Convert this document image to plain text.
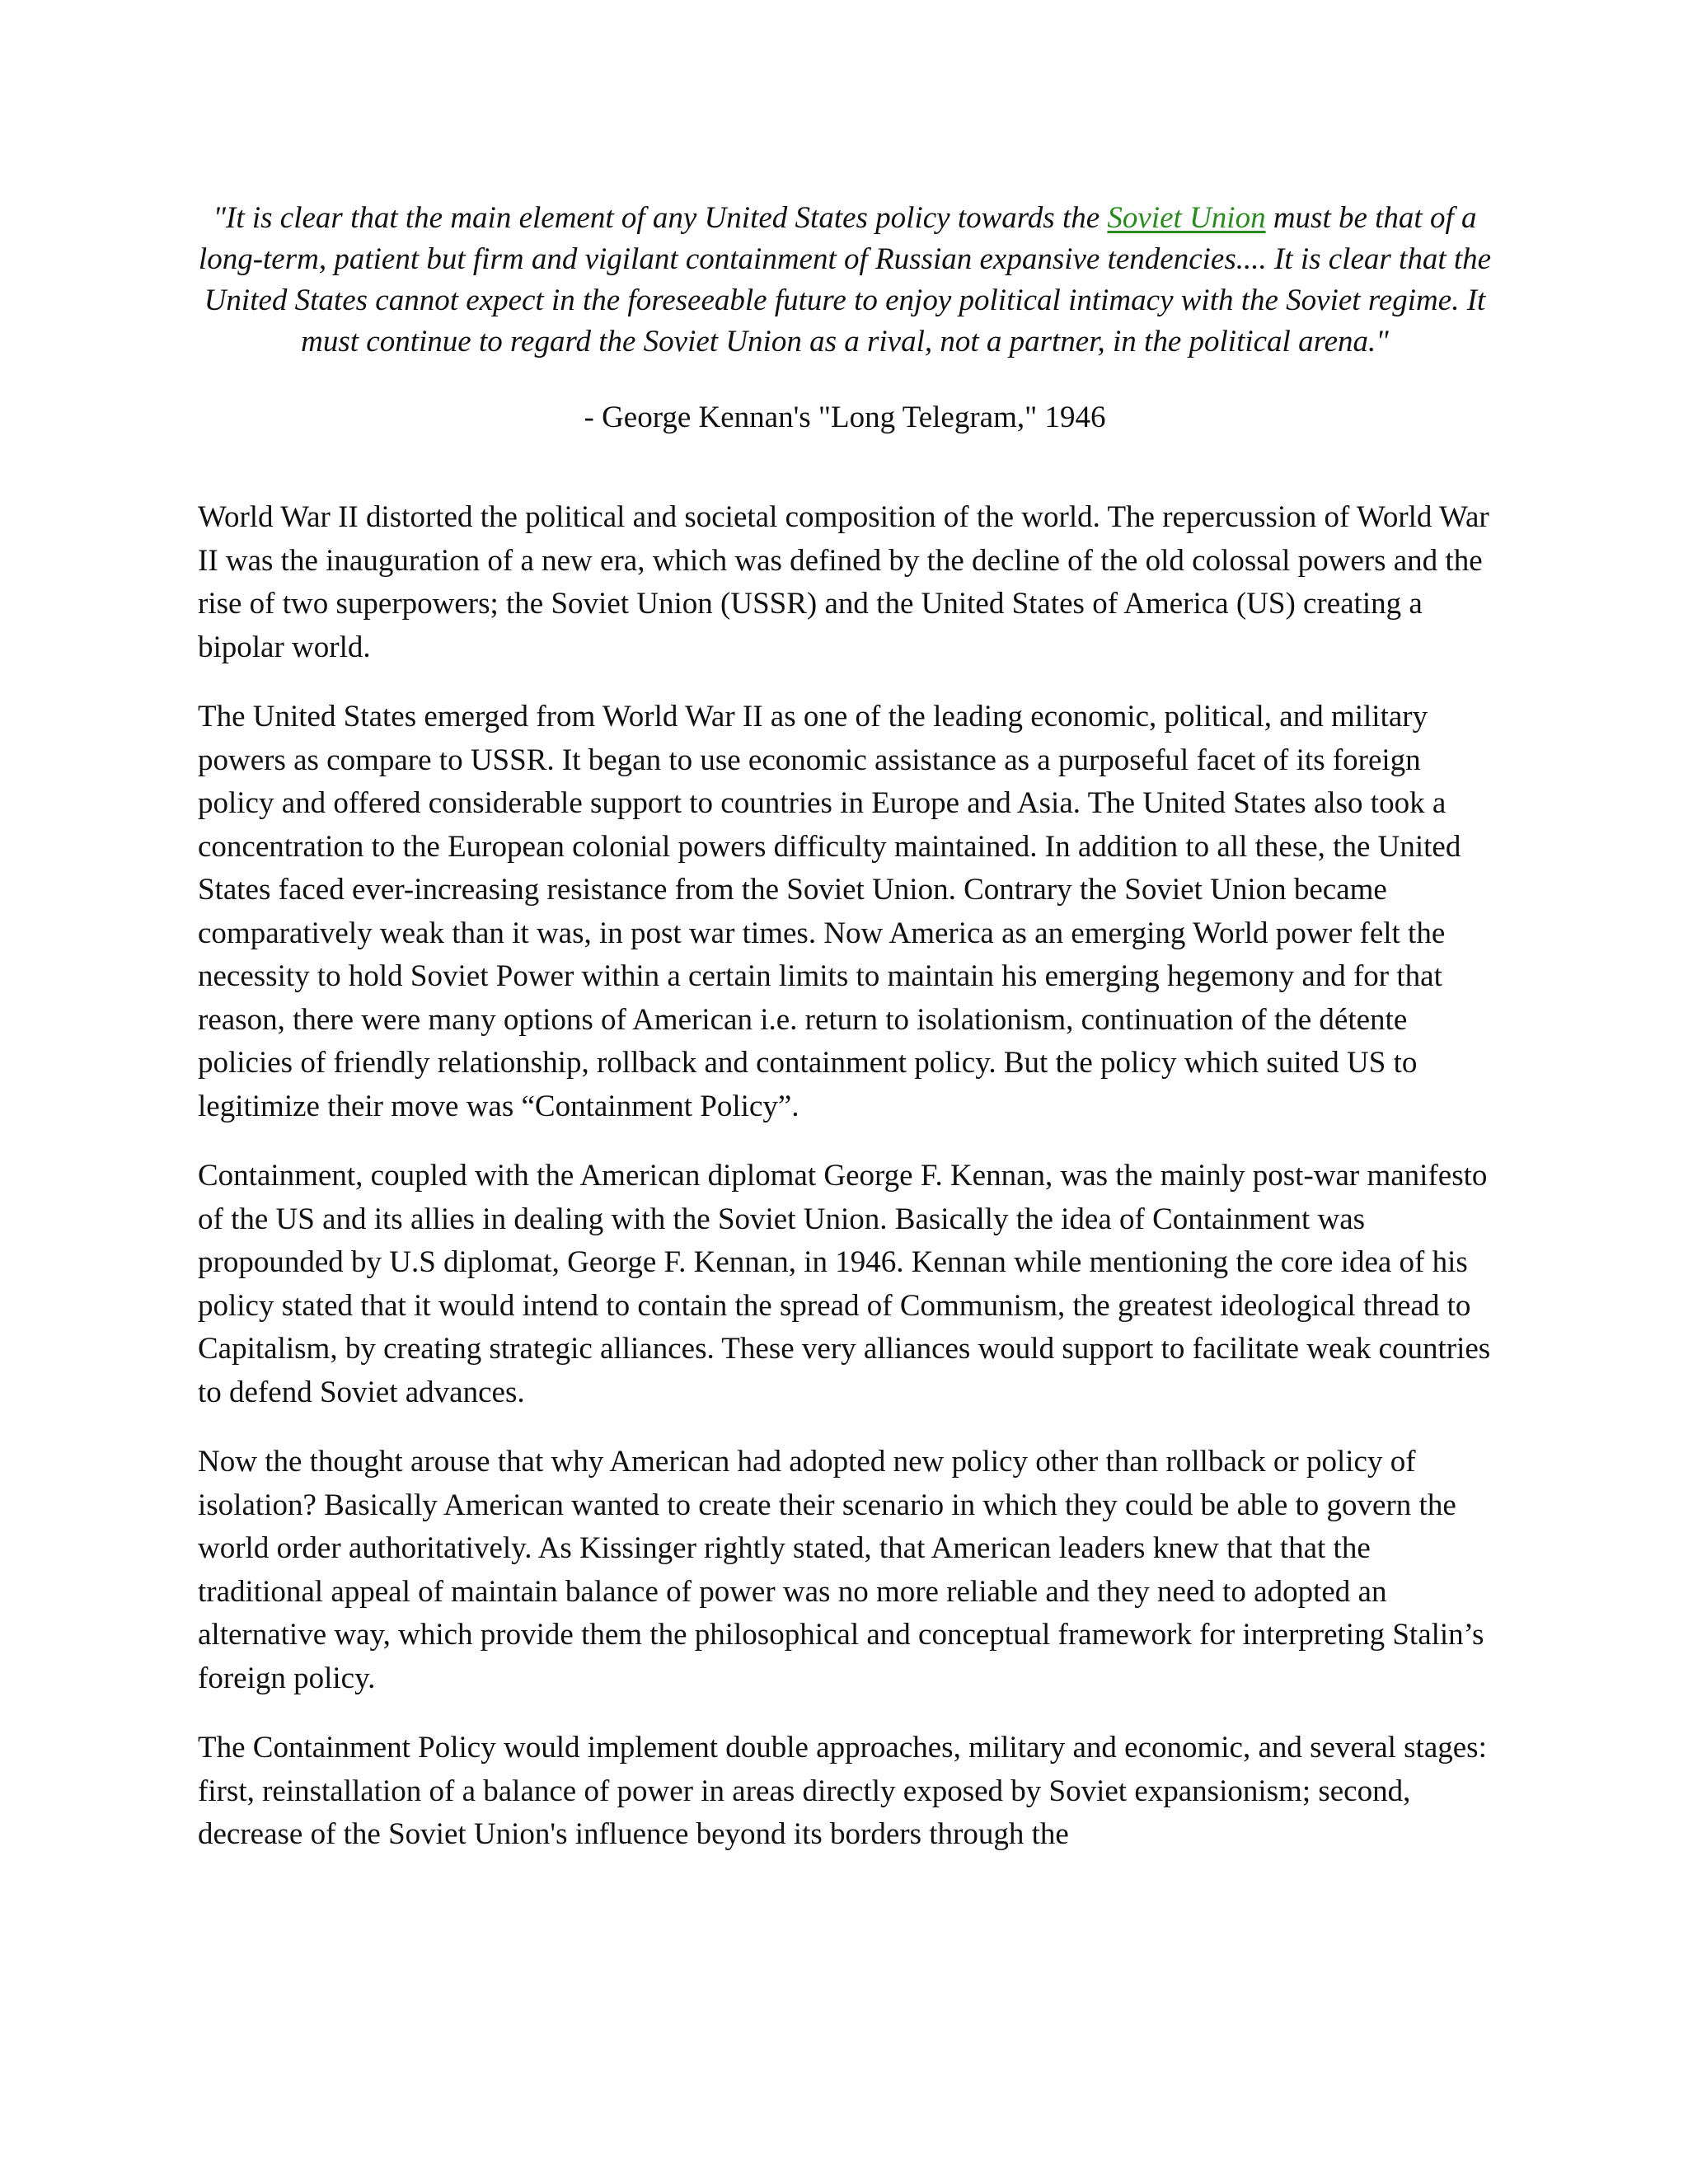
"It is clear that the main element of any United States policy towards the Soviet Union must be that of a long-term, patient but firm and vigilant containment of Russian expansive tendencies.... It is clear that the United States cannot expect in the foreseeable future to enjoy political intimacy with the Soviet regime. It must continue to regard the Soviet Union as a rival, not a partner, in the political arena."
- George Kennan's "Long Telegram," 1946

World War II distorted the political and societal composition of the world. The repercussion of World War II was the inauguration of a new era, which was defined by the decline of the old colossal powers and the rise of two superpowers; the Soviet Union (USSR) and the United States of America (US) creating a bipolar world.

The United States emerged from World War II as one of the leading economic, political, and military powers as compare to USSR. It began to use economic assistance as a purposeful facet of its foreign policy and offered considerable support to countries in Europe and Asia. The United States also took a concentration to the European colonial powers difficulty maintained. In addition to all these, the United States faced ever-increasing resistance from the Soviet Union. Contrary the Soviet Union became comparatively weak than it was, in post war times. Now America as an emerging World power felt the necessity to hold Soviet Power within a certain limits to maintain his emerging hegemony and for that reason, there were many options of American i.e. return to isolationism, continuation of the détente policies of friendly relationship, rollback and containment policy. But the policy which suited US to legitimize their move was “Containment Policy”.

Containment, coupled with the American diplomat George F. Kennan, was the mainly post-war manifesto of the US and its allies in dealing with the Soviet Union. Basically the idea of Containment was propounded by U.S diplomat, George F. Kennan, in 1946. Kennan while mentioning the core idea of his policy stated that it would intend to contain the spread of Communism, the greatest ideological thread to Capitalism, by creating strategic alliances. These very alliances would support to facilitate weak countries to defend Soviet advances.

Now the thought arouse that why American had adopted new policy other than rollback or policy of isolation? Basically American wanted to create their scenario in which they could be able to govern the world order authoritatively. As Kissinger rightly stated, that American leaders knew that that the traditional appeal of maintain balance of power was no more reliable and they need to adopted an alternative way, which provide them the philosophical and conceptual framework for interpreting Stalin’s foreign policy.

The Containment Policy would implement double approaches, military and economic, and several stages: first, reinstallation of a balance of power in areas directly exposed by Soviet expansionism; second, decrease of the Soviet Union's influence beyond its borders through the
